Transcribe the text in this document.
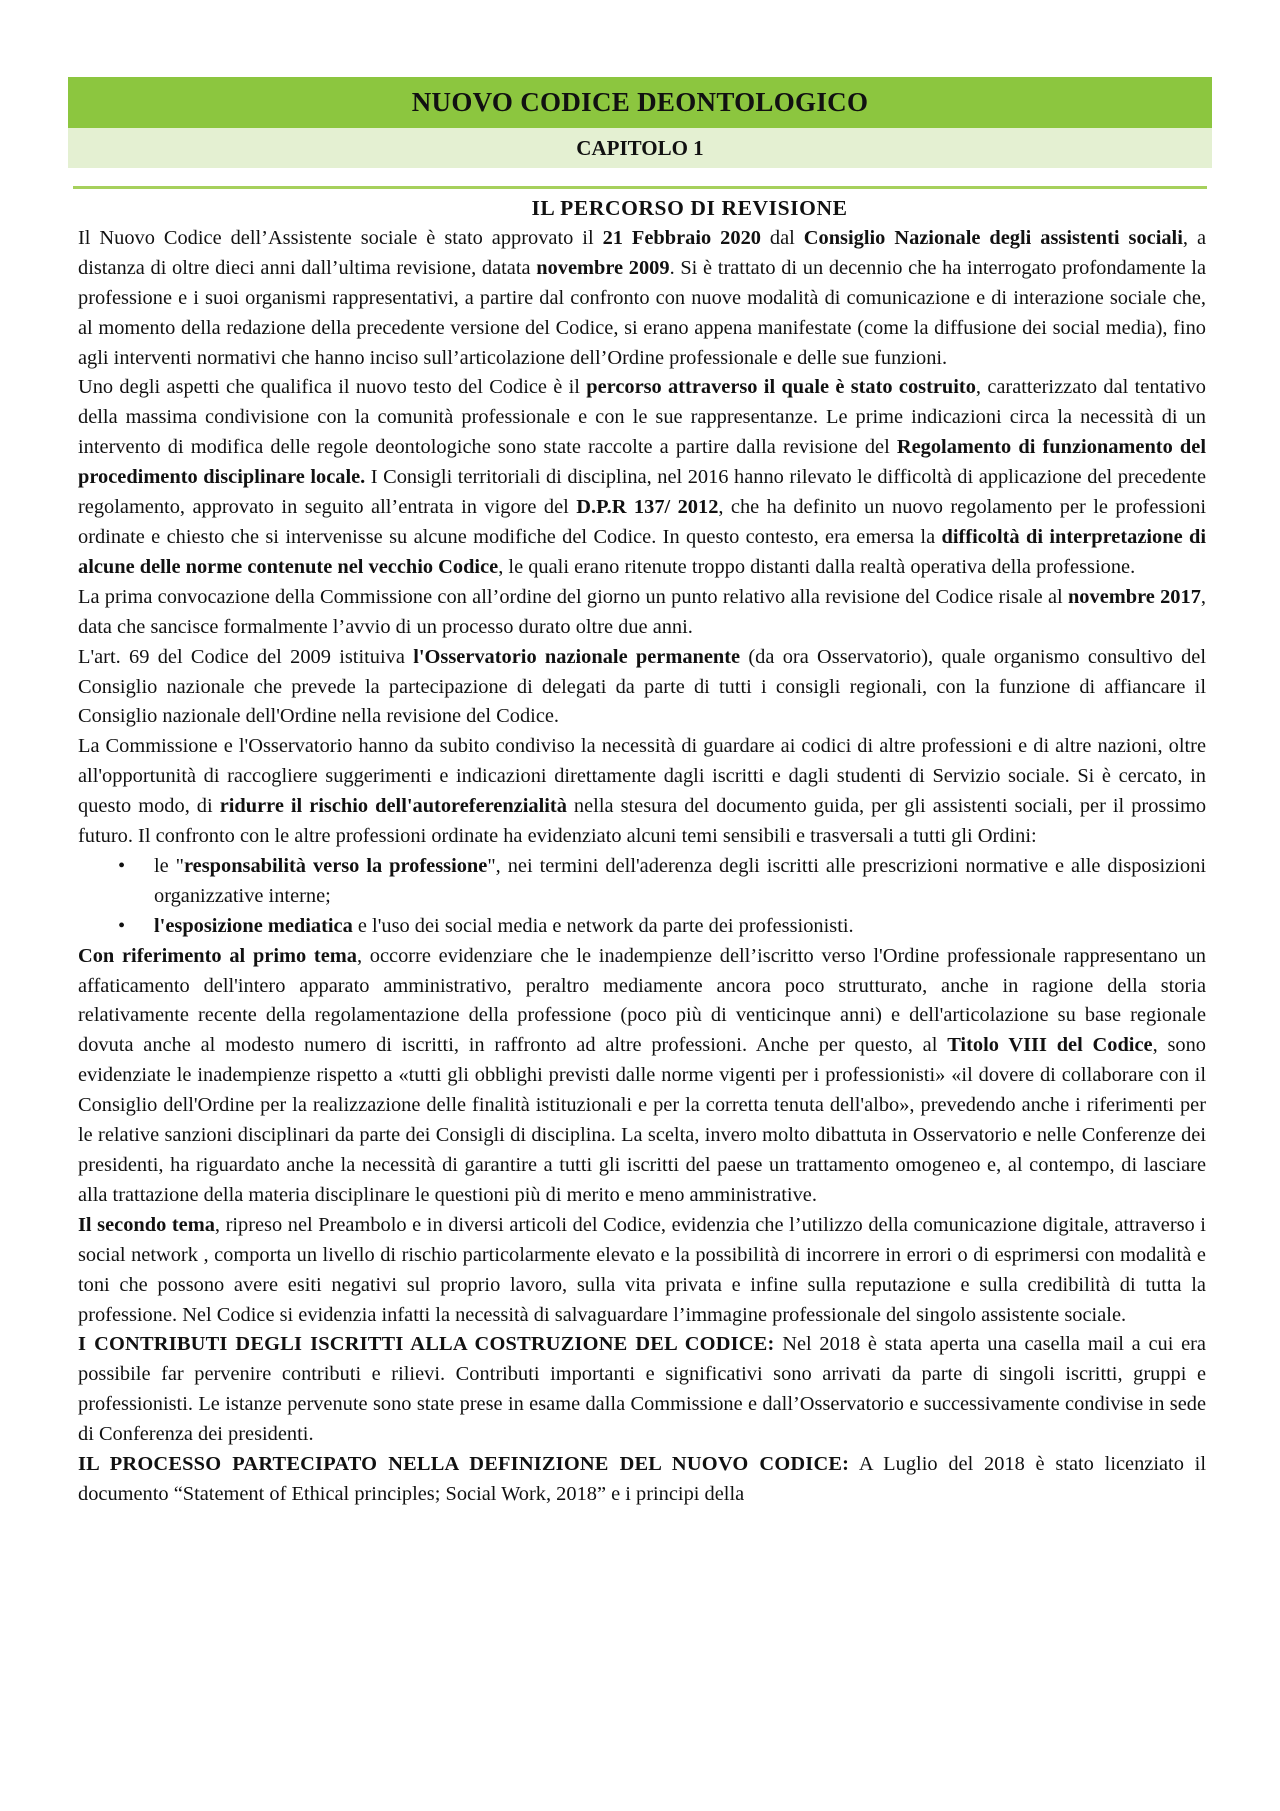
NUOVO CODICE DEONTOLOGICO
CAPITOLO 1
IL PERCORSO DI REVISIONE

Il Nuovo Codice dell’Assistente sociale è stato approvato il 21 Febbraio 2020 dal Consiglio Nazionale degli assistenti sociali, a distanza di oltre dieci anni dall’ultima revisione, datata novembre 2009. Si è trattato di un decennio che ha interrogato profondamente la professione e i suoi organismi rappresentativi, a partire dal confronto con nuove modalità di comunicazione e di interazione sociale che, al momento della redazione della precedente versione del Codice, si erano appena manifestate (come la diffusione dei social media), fino agli interventi normativi che hanno inciso sull’articolazione dell’Ordine professionale e delle sue funzioni.

Uno degli aspetti che qualifica il nuovo testo del Codice è il percorso attraverso il quale è stato costruito, caratterizzato dal tentativo della massima condivisione con la comunità professionale e con le sue rappresentanze. Le prime indicazioni circa la necessità di un intervento di modifica delle regole deontologiche sono state raccolte a partire dalla revisione del Regolamento di funzionamento del procedimento disciplinare locale. I Consigli territoriali di disciplina, nel 2016 hanno rilevato le difficoltà di applicazione del precedente regolamento, approvato in seguito all’entrata in vigore del D.P.R 137/ 2012, che ha definito un nuovo regolamento per le professioni ordinate e chiesto che si intervenisse su alcune modifiche del Codice. In questo contesto, era emersa la difficoltà di interpretazione di alcune delle norme contenute nel vecchio Codice, le quali erano ritenute troppo distanti dalla realtà operativa della professione.

La prima convocazione della Commissione con all’ordine del giorno un punto relativo alla revisione del Codice risale al novembre 2017, data che sancisce formalmente l’avvio di un processo durato oltre due anni.

L'art. 69 del Codice del 2009 istituiva l'Osservatorio nazionale permanente (da ora Osservatorio), quale organismo consultivo del Consiglio nazionale che prevede la partecipazione di delegati da parte di tutti i consigli regionali, con la funzione di affiancare il Consiglio nazionale dell'Ordine nella revisione del Codice.

La Commissione e l'Osservatorio hanno da subito condiviso la necessità di guardare ai codici di altre professioni e di altre nazioni, oltre all'opportunità di raccogliere suggerimenti e indicazioni direttamente dagli iscritti e dagli studenti di Servizio sociale. Si è cercato, in questo modo, di ridurre il rischio dell'autoreferenzialità nella stesura del documento guida, per gli assistenti sociali, per il prossimo futuro. Il confronto con le altre professioni ordinate ha evidenziato alcuni temi sensibili e trasversali a tutti gli Ordini:

• le "responsabilità verso la professione", nei termini dell'aderenza degli iscritti alle prescrizioni normative e alle disposizioni organizzative interne;
• l'esposizione mediatica e l'uso dei social media e network da parte dei professionisti.

Con riferimento al primo tema, occorre evidenziare che le inadempienze dell’iscritto verso l'Ordine professionale rappresentano un affaticamento dell'intero apparato amministrativo, peraltro mediamente ancora poco strutturato, anche in ragione della storia relativamente recente della regolamentazione della professione (poco più di venticinque anni) e dell'articolazione su base regionale dovuta anche al modesto numero di iscritti, in raffronto ad altre professioni. Anche per questo, al Titolo VIII del Codice, sono evidenziate le inadempienze rispetto a «tutti gli obblighi previsti dalle norme vigenti per i professionisti» «il dovere di collaborare con il Consiglio dell'Ordine per la realizzazione delle finalità istituzionali e per la corretta tenuta dell'albo», prevedendo anche i riferimenti per le relative sanzioni disciplinari da parte dei Consigli di disciplina. La scelta, invero molto dibattuta in Osservatorio e nelle Conferenze dei presidenti, ha riguardato anche la necessità di garantire a tutti gli iscritti del paese un trattamento omogeneo e, al contempo, di lasciare alla trattazione della materia disciplinare le questioni più di merito e meno amministrative.

Il secondo tema, ripreso nel Preambolo e in diversi articoli del Codice, evidenzia che l’utilizzo della comunicazione digitale, attraverso i social network , comporta un livello di rischio particolarmente elevato e la possibilità di incorrere in errori o di esprimersi con modalità e toni che possono avere esiti negativi sul proprio lavoro, sulla vita privata e infine sulla reputazione e sulla credibilità di tutta la professione. Nel Codice si evidenzia infatti la necessità di salvaguardare l’immagine professionale del singolo assistente sociale.

I CONTRIBUTI DEGLI ISCRITTI ALLA COSTRUZIONE DEL CODICE: Nel 2018 è stata aperta una casella mail a cui era possibile far pervenire contributi e rilievi. Contributi importanti e significativi sono arrivati da parte di singoli iscritti, gruppi e professionisti. Le istanze pervenute sono state prese in esame dalla Commissione e dall’Osservatorio e successivamente condivise in sede di Conferenza dei presidenti.

IL PROCESSO PARTECIPATO NELLA DEFINIZIONE DEL NUOVO CODICE: A Luglio del 2018 è stato licenziato il documento “Statement of Ethical principles; Social Work, 2018” e i principi della
